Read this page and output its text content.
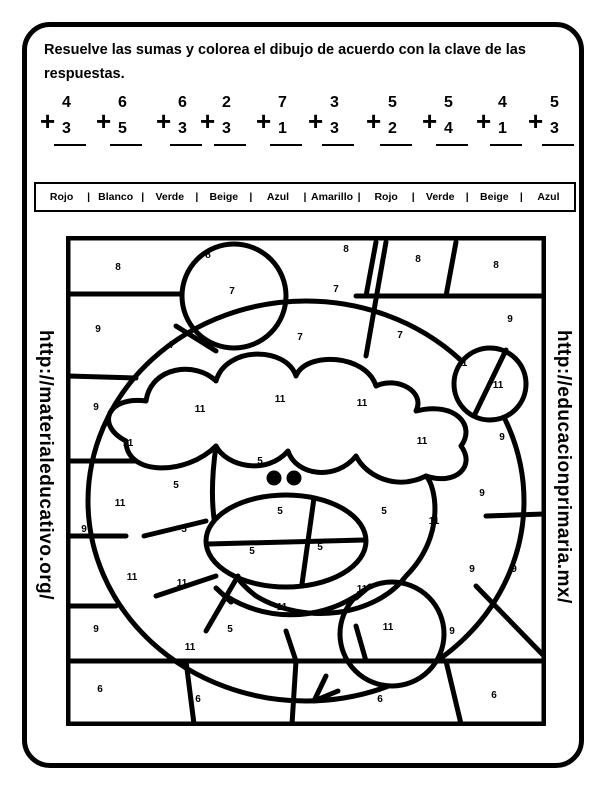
Resuelve las sumas y colorea el dibujo de acuerdo con la clave de las respuestas.
+
4
3 +
6
5 +
6
3 +
2
3 +
7
1 +
3
3 +
5
2 +
5
4 +
4
1 +
5
3
Rojo	| Blanco |	Verde	|	Beige	|	Azul	| Amarillo |	Rojo	|	Verde	|	Beige	|	Azul
http://materialeducativo.org/	http://educacionprimaria.mx/
8
8
8
8
8
7	7
7	7
7
9
9
9
9
9
9
9	9
9	9
11
11
11
11	11
11
11
11
11
11
11
11
11
11
11
5
5
5
5
5
5	5
5
6
6	6	6
